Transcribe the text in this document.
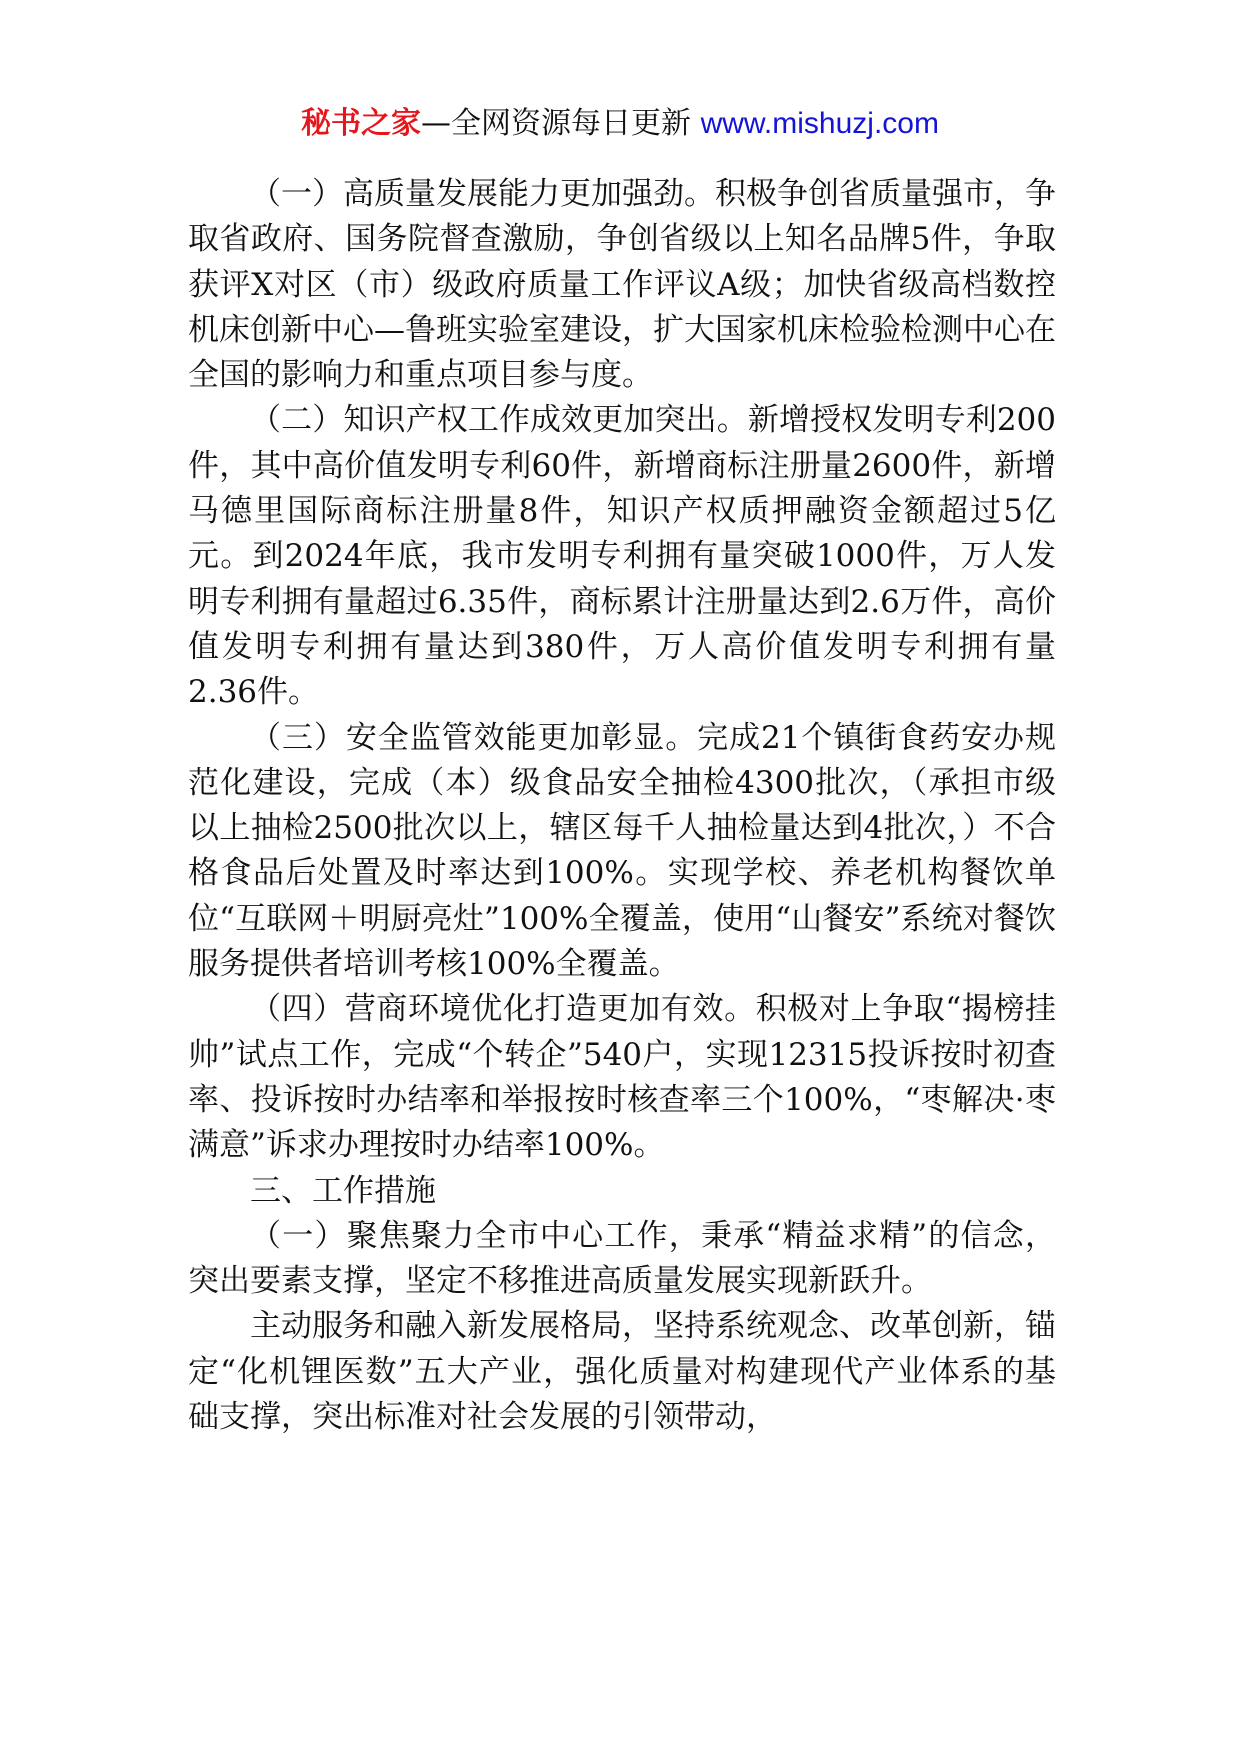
秘书之家—全网资源每日更新 www.mishuzj.com

（一）高质量发展能力更加强劲。积极争创省质量强市，争取省政府、国务院督查激励，争创省级以上知名品牌5件，争取获评X对区（市）级政府质量工作评议A级；加快省级高档数控机床创新中心—鲁班实验室建设，扩大国家机床检验检测中心在全国的影响力和重点项目参与度。

（二）知识产权工作成效更加突出。新增授权发明专利200件，其中高价值发明专利60件，新增商标注册量2600件，新增马德里国际商标注册量8件，知识产权质押融资金额超过5亿元。到2024年底，我市发明专利拥有量突破1000件，万人发明专利拥有量超过6.35件，商标累计注册量达到2.6万件，高价值发明专利拥有量达到380件，万人高价值发明专利拥有量2.36件。

（三）安全监管效能更加彰显。完成21个镇街食药安办规范化建设，完成（本）级食品安全抽检4300批次，（承担市级以上抽检2500批次以上，辖区每千人抽检量达到4批次，）不合格食品后处置及时率达到100%。实现学校、养老机构餐饮单位“互联网＋明厨亮灶”100%全覆盖，使用“山餐安”系统对餐饮服务提供者培训考核100%全覆盖。

（四）营商环境优化打造更加有效。积极对上争取“揭榜挂帅”试点工作，完成“个转企”540户，实现12315投诉按时初查率、投诉按时办结率和举报按时核查率三个100%，“枣解决·枣满意”诉求办理按时办结率100%。

三、工作措施

（一）聚焦聚力全市中心工作，秉承“精益求精”的信念，突出要素支撑，坚定不移推进高质量发展实现新跃升。

主动服务和融入新发展格局，坚持系统观念、改革创新，锚定“化机锂医数”五大产业，强化质量对构建现代产业体系的基础支撑，突出标准对社会发展的引领带动，
